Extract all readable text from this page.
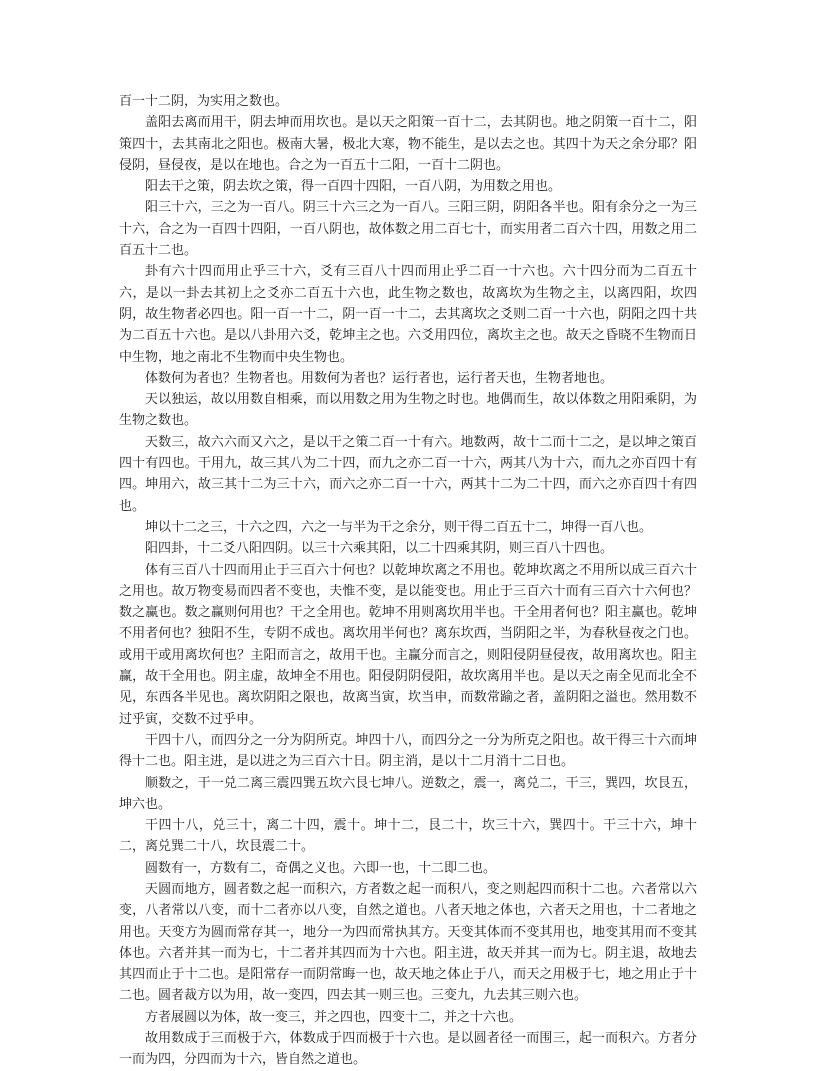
百一十二阴，为实用之数也。

盖阳去离而用干，阴去坤而用坎也。是以天之阳策一百十二，去其阴也。地之阴策一百十二，阳策四十，去其南北之阳也。极南大暑，极北大寒，物不能生，是以去之也。其四十为天之余分耶？阳侵阴，昼侵夜，是以在地也。合之为一百五十二阳，一百十二阴也。

阳去干之策，阴去坎之策，得一百四十四阳，一百八阴，为用数之用也。

阳三十六，三之为一百八。阴三十六三之为一百八。三阳三阴，阴阳各半也。阳有余分之一为三十六，合之为一百四十四阳，一百八阴也，故体数之用二百七十，而实用者二百六十四，用数之用二百五十二也。

卦有六十四而用止乎三十六，爻有三百八十四而用止乎二百一十六也。六十四分而为二百五十六，是以一卦去其初上之爻亦二百五十六也，此生物之数也，故离坎为生物之主，以离四阳，坎四阴，故生物者必四也。阳一百一十二，阴一百一十二，去其离坎之爻则二百一十六也，阴阳之四十共为二百五十六也。是以八卦用六爻，乾坤主之也。六爻用四位，离坎主之也。故天之昏晓不生物而日中生物，地之南北不生物而中央生物也。

体数何为者也？生物者也。用数何为者也？运行者也，运行者天也，生物者地也。

天以独运，故以用数自相乘，而以用数之用为生物之时也。地偶而生，故以体数之用阳乘阴，为生物之数也。

天数三，故六六而又六之，是以干之策二百一十有六。地数两，故十二而十二之，是以坤之策百四十有四也。干用九，故三其八为二十四，而九之亦二百一十六，两其八为十六，而九之亦百四十有四。坤用六，故三其十二为三十六，而六之亦二百一十六，两其十二为二十四，而六之亦百四十有四也。

坤以十二之三，十六之四，六之一与半为干之余分，则干得二百五十二，坤得一百八也。

阳四卦，十二爻八阳四阴。以三十六乘其阳，以二十四乘其阴，则三百八十四也。

体有三百八十四而用止于三百六十何也？以乾坤坎离之不用也。乾坤坎离之不用所以成三百六十之用也。故万物变易而四者不变也，夫惟不变，是以能变也。用止于三百六十而有三百六十六何也？数之赢也。数之赢则何用也？干之全用也。乾坤不用则离坎用半也。干全用者何也？阳主赢也。乾坤不用者何也？独阳不生，专阴不成也。离坎用半何也？离东坎西，当阴阳之半，为春秋昼夜之门也。或用干或用离坎何也？主阳而言之，故用干也。主赢分而言之，则阳侵阴昼侵夜，故用离坎也。阳主赢，故干全用也。阴主虚，故坤全不用也。阳侵阴阴侵阳，故坎离用半也。是以天之南全见而北全不见，东西各半见也。离坎阴阳之限也，故离当寅，坎当申，而数常踰之者，盖阴阳之溢也。然用数不过乎寅，交数不过乎申。

干四十八，而四分之一分为阴所克。坤四十八，而四分之一分为所克之阳也。故干得三十六而坤得十二也。阳主进，是以进之为三百六十日。阴主消，是以十二月消十二日也。

顺数之，干一兑二离三震四巽五坎六艮七坤八。逆数之，震一，离兑二，干三，巽四，坎艮五，坤六也。

干四十八，兑三十，离二十四，震十。坤十二，艮二十，坎三十六，巽四十。干三十六，坤十二，离兑巽二十八，坎艮震二十。

圆数有一，方数有二，奇偶之义也。六即一也，十二即二也。

天圆而地方，圆者数之起一而积六，方者数之起一而积八，变之则起四而积十二也。六者常以六变，八者常以八变，而十二者亦以八变，自然之道也。八者天地之体也，六者天之用也，十二者地之用也。天变方为圆而常存其一，地分一为四而常执其方。天变其体而不变其用也，地变其用而不变其体也。六者并其一而为七，十二者并其四而为十六也。阳主进，故天并其一而为七。阴主退，故地去其四而止于十二也。是阳常存一而阴常晦一也，故天地之体止于八，而天之用极于七，地之用止于十二也。圆者裁方以为用，故一变四，四去其一则三也。三变九，九去其三则六也。

方者展圆以为体，故一变三，并之四也，四变十二，并之十六也。

故用数成于三而极于六，体数成于四而极于十六也。是以圆者径一而围三，起一而积六。方者分一而为四，分四而为十六，皆自然之道也。
